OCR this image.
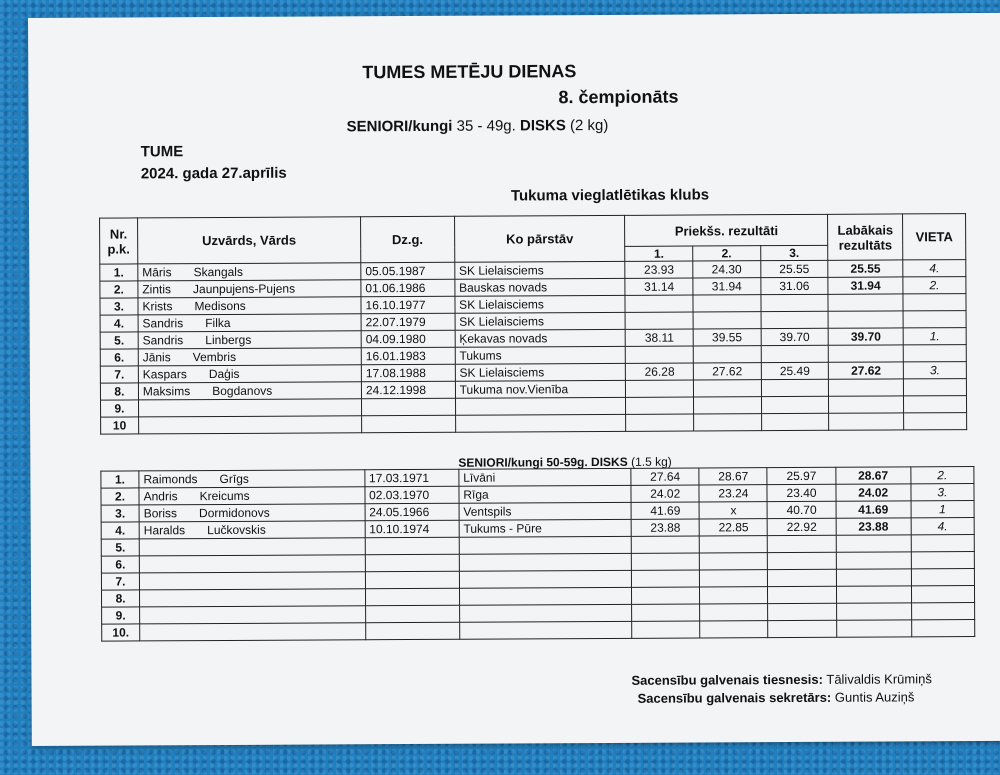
TUMES METĒJU DIENAS
8. čempionāts
SENIORI/kungi 35 - 49g. DISKS (2 kg)
TUME
2024. gada 27.aprīlis
Tukuma vieglatlētikas klubs
Nr. p.k.	Uzvārds, Vārds	Dz.g.	Ko pārstāv	Priekšs. rezultāti			Labākais rezultāts	VIETA
				1.	2.	3.		
1.	Māris Skangals	05.05.1987	SK Lielaisciems	23.93	24.30	25.55	25.55	4.
2.	Zintis Jaunpujens-Pujens	01.06.1986	Bauskas novads	31.14	31.94	31.06	31.94	2.
3.	Krists Medisons	16.10.1977	SK Lielaisciems					
4.	Sandris Filka	22.07.1979	SK Lielaisciems					
5.	Sandris Linbergs	04.09.1980	Ķekavas novads	38.11	39.55	39.70	39.70	1.
6.	Jānis Vembris	16.01.1983	Tukums					
7.	Kaspars Daģis	17.08.1988	SK Lielaisciems	26.28	27.62	25.49	27.62	3.
8.	Maksims Bogdanovs	24.12.1998	Tukuma nov.Vienība					
9.								
10								
SENIORI/kungi 50-59g. DISKS (1.5 kg)
1.	Raimonds Grīgs	17.03.1971	Līvāni	27.64	28.67	25.97	28.67	2.
2.	Andris Kreicums	02.03.1970	Rīga	24.02	23.24	23.40	24.02	3.
3.	Boriss Dormidonovs	24.05.1966	Ventspils	41.69	x	40.70	41.69	1
4.	Haralds Lučkovskis	10.10.1974	Tukums - Pūre	23.88	22.85	22.92	23.88	4.
5.								
6.								
7.								
8.								
9.								
10.								
Sacensību galvenais tiesnesis: Tālivaldis Krūmiņš
Sacensību galvenais sekretārs: Guntis Auziņš
